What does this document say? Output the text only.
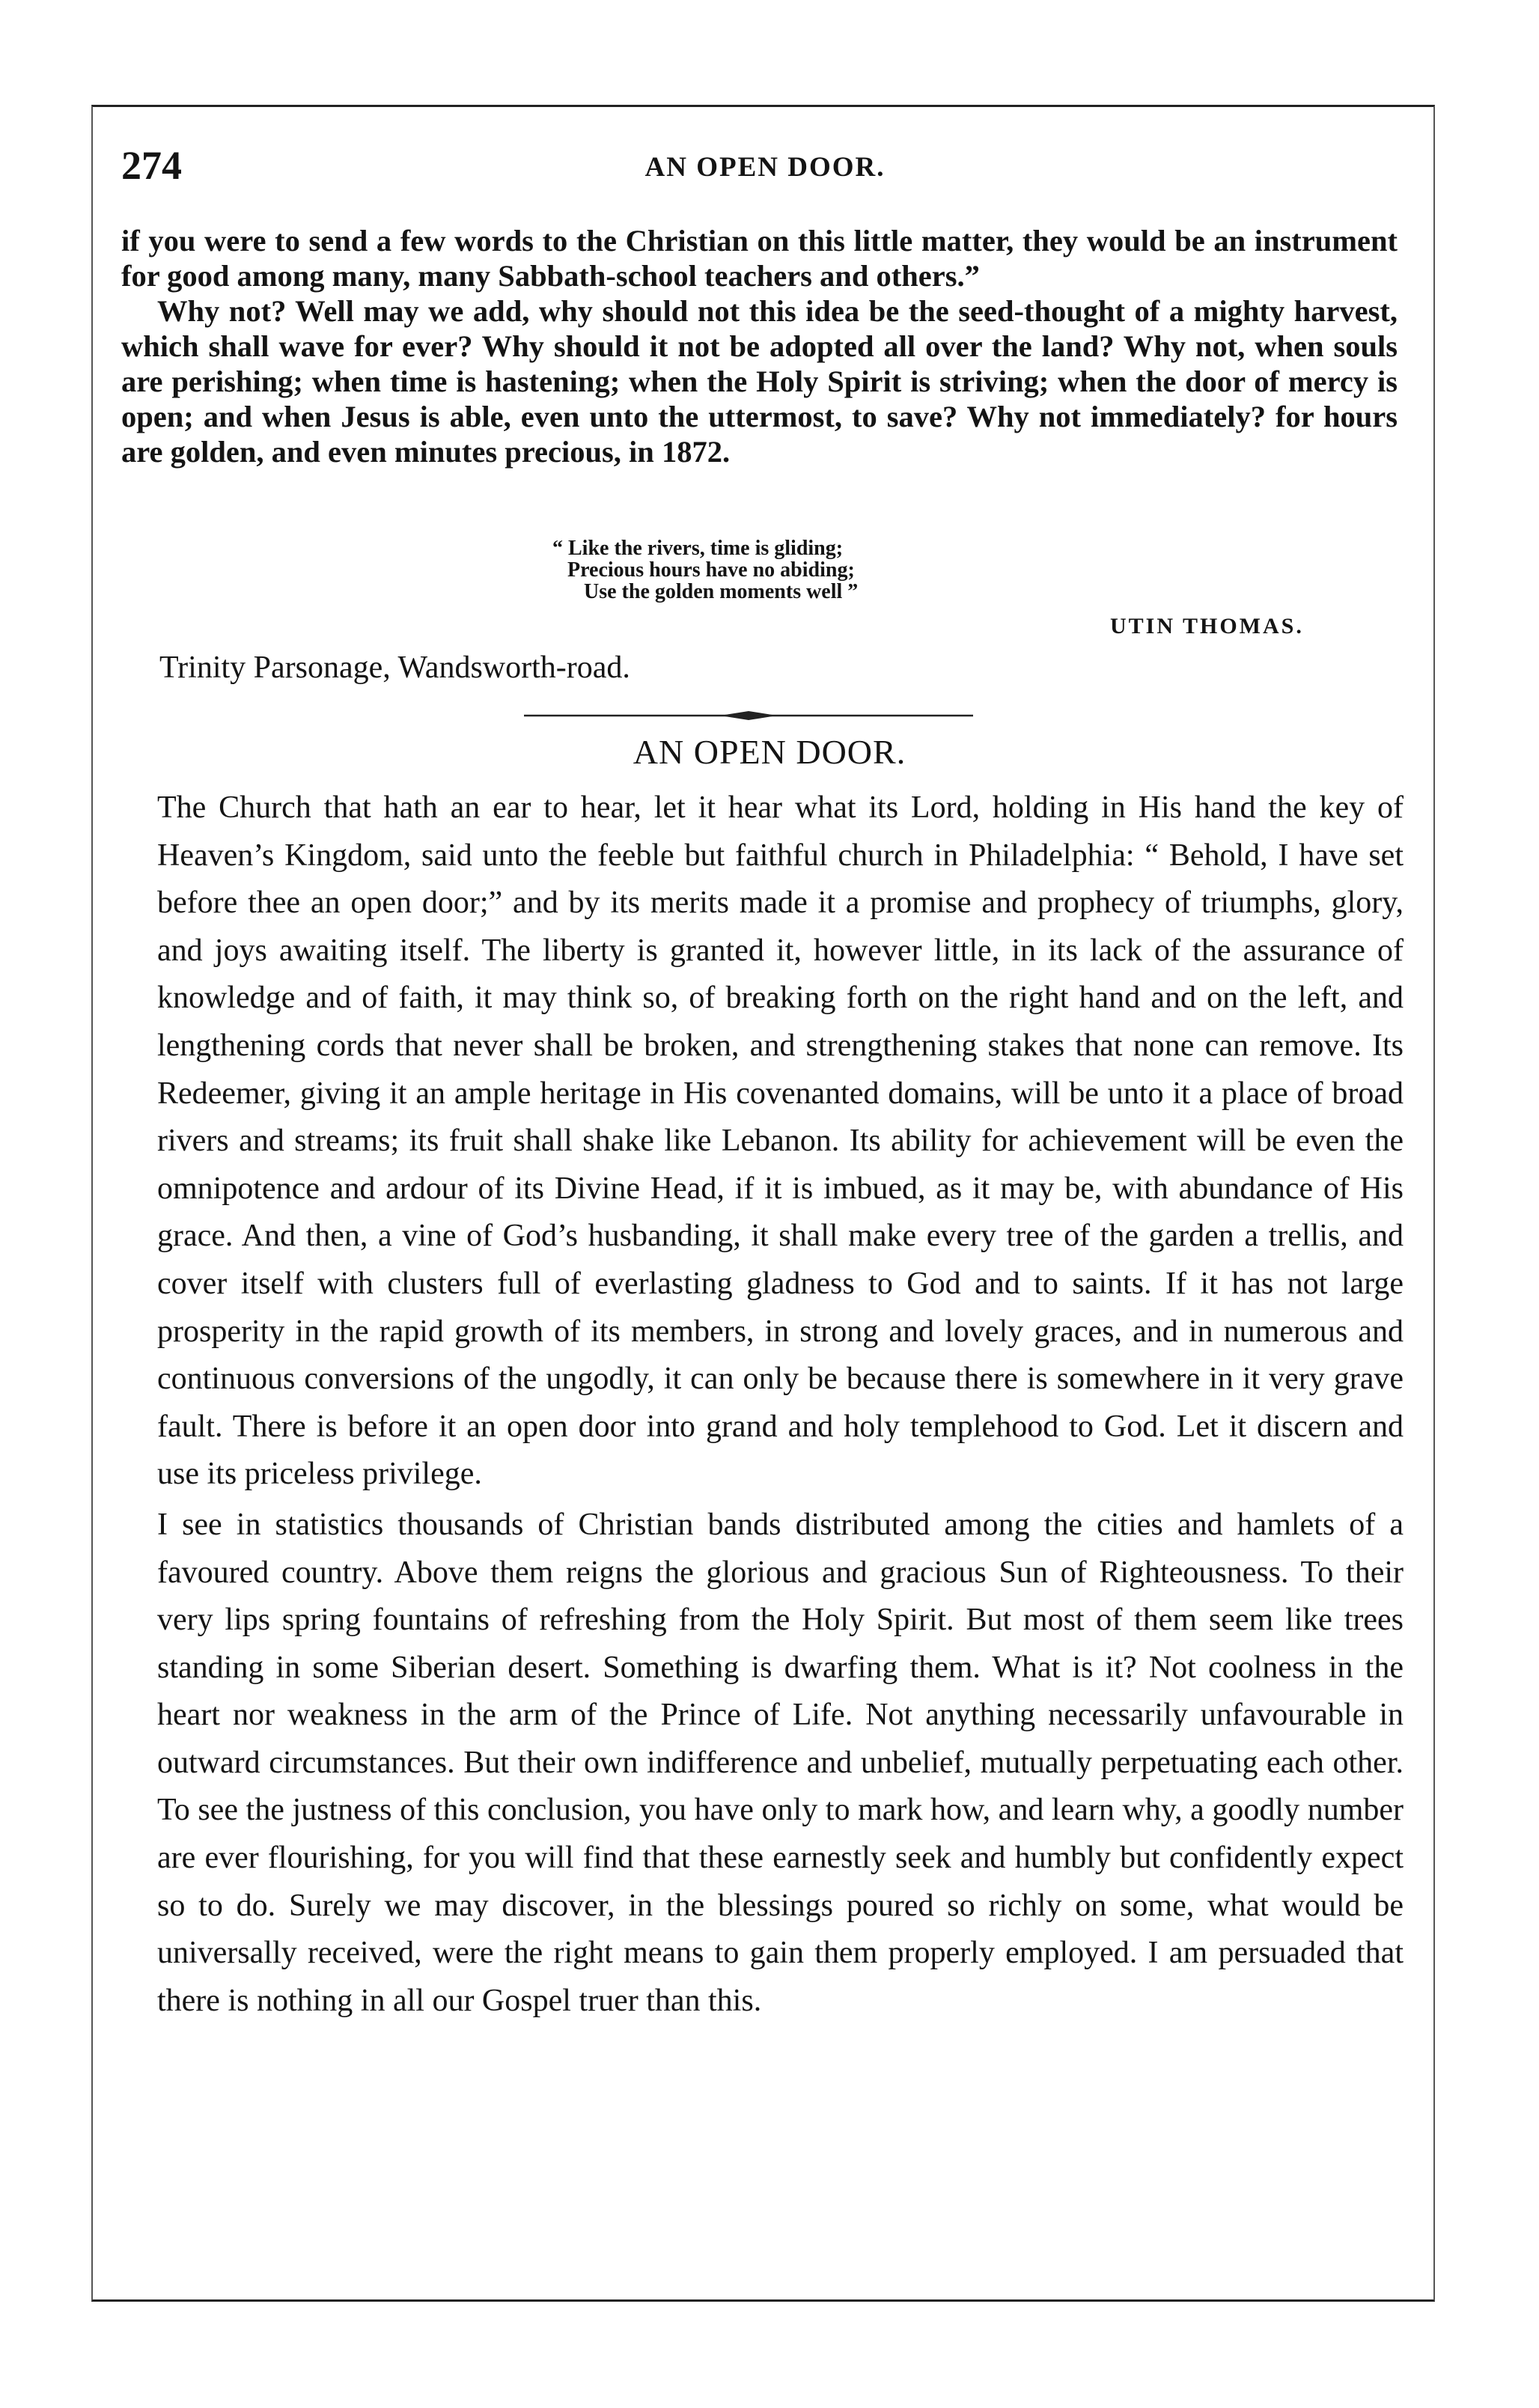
274	AN OPEN DOOR.

if you were to send a few words to the Christian on this little matter, they would be an instrument for good among many, many Sabbath-school teachers and others.”

Why not? Well may we add, why should not this idea be the seed-thought of a mighty harvest, which shall wave for ever? Why should it not be adopted all over the land? Why not, when souls are perishing; when time is hastening; when the Holy Spirit is striving; when the door of mercy is open; and when Jesus is able, even unto the uttermost, to save? Why not immediately? for hours are golden, and even minutes precious, in 1872.

“ Like the rivers, time is gliding;
Precious hours have no abiding;
Use the golden moments well ”
UTIN THOMAS.
Trinity Parsonage, Wandsworth-road.
AN OPEN DOOR.

The Church that hath an ear to hear, let it hear what its Lord, holding in His hand the key of Heaven’s Kingdom, said unto the feeble but faithful church in Philadelphia: “ Behold, I have set before thee an open door;” and by its merits made it a promise and prophecy of triumphs, glory, and joys awaiting itself. The liberty is granted it, however little, in its lack of the assurance of knowledge and of faith, it may think so, of breaking forth on the right hand and on the left, and lengthening cords that never shall be broken, and strengthening stakes that none can remove. Its Redeemer, giving it an ample heritage in His covenanted domains, will be unto it a place of broad rivers and streams; its fruit shall shake like Lebanon. Its ability for achievement will be even the omnipotence and ardour of its Divine Head, if it is imbued, as it may be, with abundance of His grace. And then, a vine of God’s husbanding, it shall make every tree of the garden a trellis, and cover itself with clusters full of everlasting gladness to God and to saints. If it has not large prosperity in the rapid growth of its members, in strong and lovely graces, and in numerous and continuous conversions of the ungodly, it can only be because there is somewhere in it very grave fault. There is before it an open door into grand and holy templehood to God. Let it discern and use its priceless privilege.

I see in statistics thousands of Christian bands distributed among the cities and hamlets of a favoured country. Above them reigns the glorious and gracious Sun of Righteousness. To their very lips spring fountains of refreshing from the Holy Spirit. But most of them seem like trees standing in some Siberian desert. Something is dwarfing them. What is it? Not coolness in the heart nor weakness in the arm of the Prince of Life. Not anything necessarily unfavourable in outward circumstances. But their own indifference and unbelief, mutually perpetuating each other. To see the justness of this conclusion, you have only to mark how, and learn why, a goodly number are ever flourishing, for you will find that these earnestly seek and humbly but confidently expect so to do. Surely we may discover, in the blessings poured so richly on some, what would be universally received, were the right means to gain them properly employed. I am persuaded that there is nothing in all our Gospel truer than this.
